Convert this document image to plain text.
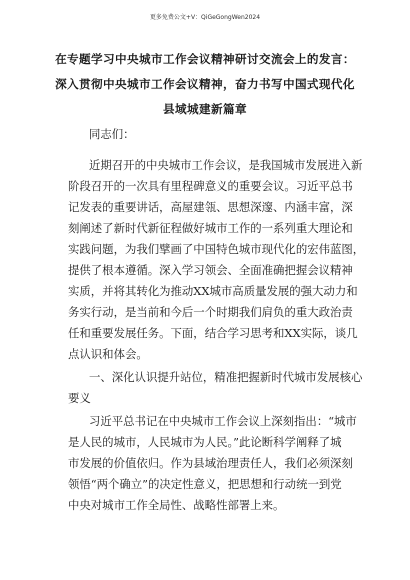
更多免费公文+V：QiGeGongWen2024
在专题学习中央城市工作会议精神研讨交流会上的发言：
深入贯彻中央城市工作会议精神，奋力书写中国式现代化
县域城建新篇章
同志们：
近期召开的中央城市工作会议，是我国城市发展进入新
阶段召开的一次具有里程碑意义的重要会议。习近平总书
记发表的重要讲话，高屋建瓴、思想深邃、内涵丰富，深
刻阐述了新时代新征程做好城市工作的一系列重大理论和
实践问题，为我们擘画了中国特色城市现代化的宏伟蓝图，
提供了根本遵循。深入学习领会、全面准确把握会议精神
实质，并将其转化为推动XX城市高质量发展的强大动力和
务实行动，是当前和今后一个时期我们肩负的重大政治责
任和重要发展任务。下面，结合学习思考和XX实际，谈几
点认识和体会。
一、深化认识提升站位，精准把握新时代城市发展核心
要义
习近平总书记在中央城市工作会议上深刻指出：“城市
是人民的城市，人民城市为人民。”此论断科学阐释了城
市发展的价值依归。作为县域治理责任人，我们必须深刻
领悟“两个确立”的决定性意义，把思想和行动统一到党
中央对城市工作全局性、战略性部署上来。
